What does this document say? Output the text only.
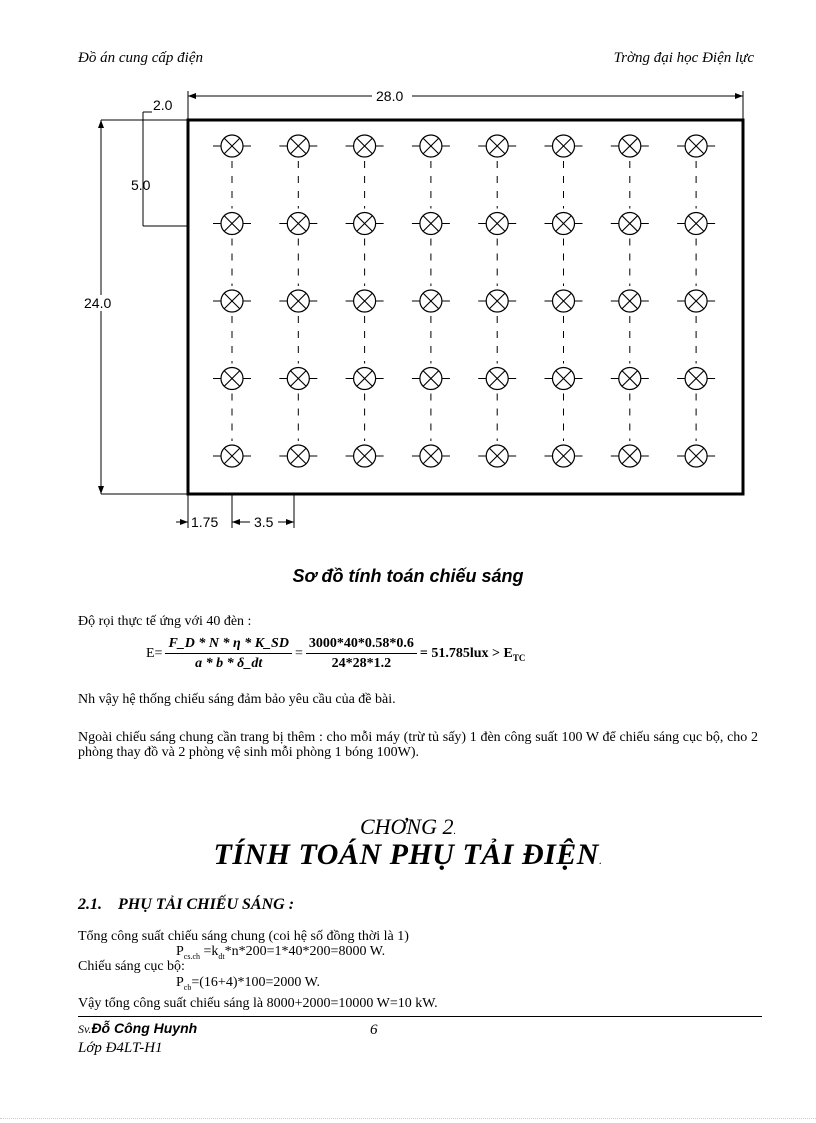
Đồ án cung cấp điện	Trờng đại học Điện lực
28.0
2.0
5.0
24.0
1.75	3.5
Sơ đồ tính toán chiếu sáng
Độ rọi thực tế ứng với 40 đèn :
$E= \frac{F\_D * N * \eta * K\_SD}{a * b * \delta\_dt} = \frac{3000*40*0.58*0.6}{24*28*1.2} = 51.785lux > E_{TC}$
Nh vậy hệ thống chiếu sáng đảm bảo yêu cầu của đề bài.
Ngoài chiếu sáng chung cần trang bị thêm : cho mỗi máy (trừ tủ sấy) 1 đèn công suất 100 W để chiếu sáng cục bộ, cho 2 phòng thay đồ và 2 phòng vệ sinh mỗi phòng 1 bóng 100W).
CHƠNG 2.
TÍNH TOÁN PHỤ TẢI ĐIỆN.
2.1. PHỤ TẢI CHIẾU SÁNG :
Tổng công suất chiếu sáng chung (coi hệ số đồng thời là 1)
$P_{cs.ch} =k_{dt}*n*200=1*40*200=8000$ W.
Chiếu sáng cục bộ:
$P_{cb}=(16+4)*100=2000$ W.
Vậy tổng công suất chiếu sáng là 8000+2000=10000 W=10 kW.
Sv.Đỗ Công Huynh	6
Lớp Đ4LT-H1
